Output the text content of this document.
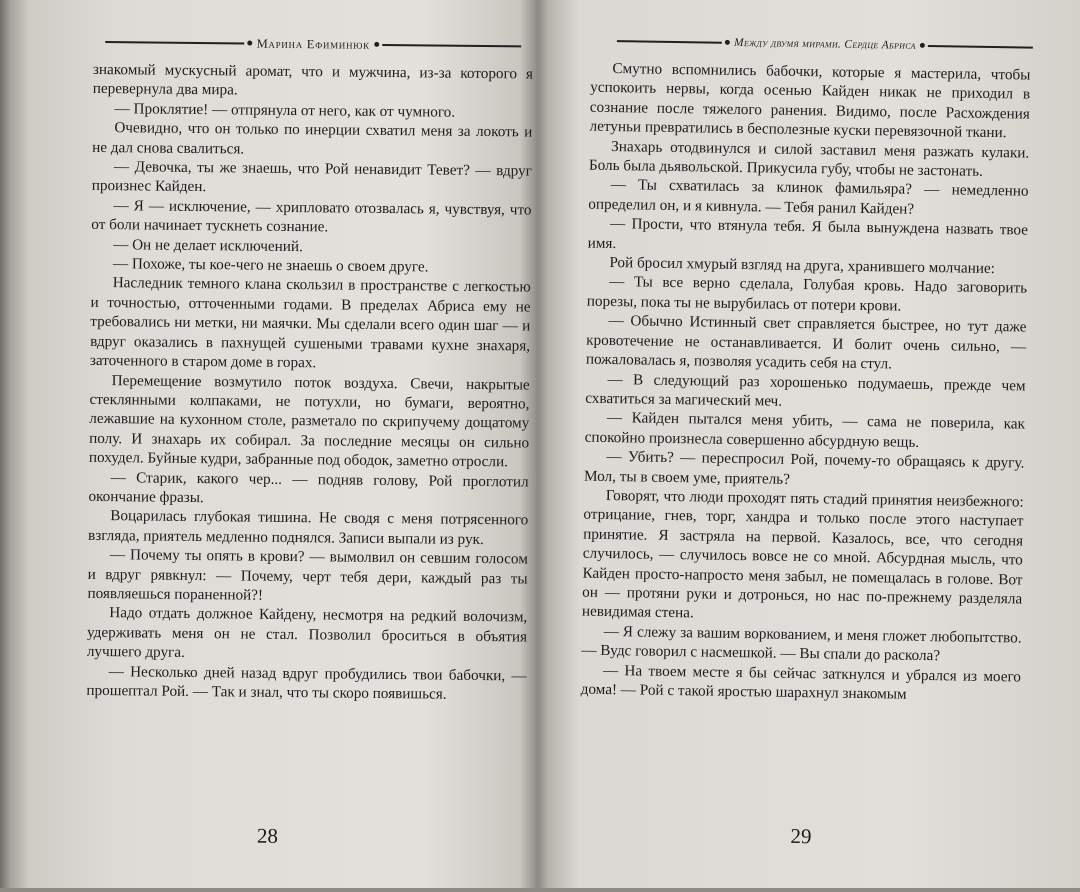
Марина Ефиминюк

знакомый мускусный аромат, что и мужчина, из-за которого я перевернула два мира.

— Проклятие! — отпрянула от него, как от чумного.

Очевидно, что он только по инерции схватил меня за локоть и не дал снова свалиться.

— Девочка, ты же знаешь, что Рой ненавидит Тевет? — вдруг произнес Кайден.

— Я — исключение, — хрипловато отозвалась я, чувствуя, что от боли начинает тускнеть сознание.

— Он не делает исключений.

— Похоже, ты кое-чего не знаешь о своем друге.

Наследник темного клана скользил в пространстве с легкостью и точностью, отточенными годами. В пределах Абриса ему не требовались ни метки, ни маячки. Мы сделали всего один шаг — и вдруг оказались в пахнущей сушеными травами кухне знахаря, заточенного в старом доме в горах.

Перемещение возмутило поток воздуха. Свечи, накрытые стеклянными колпаками, не потухли, но бумаги, вероятно, лежавшие на кухонном столе, разметало по скрипучему дощатому полу. И знахарь их собирал. За последние месяцы он сильно похудел. Буйные кудри, забранные под ободок, заметно отросли.

— Старик, какого чер... — подняв голову, Рой проглотил окончание фразы.

Воцарилась глубокая тишина. Не сводя с меня потрясенного взгляда, приятель медленно поднялся. Записи выпали из рук.

— Почему ты опять в крови? — вымолвил он севшим голосом и вдруг рявкнул: — Почему, черт тебя дери, каждый раз ты появляешься пораненной?!

Надо отдать должное Кайдену, несмотря на редкий волочизм, удерживать меня он не стал. Позволил броситься в объятия лучшего друга.

— Несколько дней назад вдруг пробудились твои бабочки, — прошептал Рой. — Так и знал, что ты скоро появишься.

28
Между двумя мирами. Сердце Абриса

Смутно вспомнились бабочки, которые я мастерила, чтобы успокоить нервы, когда осенью Кайден никак не приходил в сознание после тяжелого ранения. Видимо, после Расхождения летуньи превратились в бесполезные куски перевязочной ткани.

Знахарь отодвинулся и силой заставил меня разжать кулаки. Боль была дьявольской. Прикусила губу, чтобы не застонать.

— Ты схватилась за клинок фамильяра? — немедленно определил он, и я кивнула. — Тебя ранил Кайден?

— Прости, что втянула тебя. Я была вынуждена назвать твое имя.

Рой бросил хмурый взгляд на друга, хранившего молчание:

— Ты все верно сделала, Голубая кровь. Надо заговорить порезы, пока ты не вырубилась от потери крови.

— Обычно Истинный свет справляется быстрее, но тут даже кровотечение не останавливается. И болит очень сильно, — пожаловалась я, позволяя усадить себя на стул.

— В следующий раз хорошенько подумаешь, прежде чем схватиться за магический меч.

— Кайден пытался меня убить, — сама не поверила, как спокойно произнесла совершенно абсурдную вещь.

— Убить? — переспросил Рой, почему-то обращаясь к другу. Мол, ты в своем уме, приятель?

Говорят, что люди проходят пять стадий принятия неизбежного: отрицание, гнев, торг, хандра и только после этого наступает принятие. Я застряла на первой. Казалось, все, что сегодня случилось, — случилось вовсе не со мной. Абсурдная мысль, что Кайден просто-напросто меня забыл, не помещалась в голове. Вот он — протяни руки и дотронься, но нас по-прежнему разделяла невидимая стена.

— Я слежу за вашим воркованием, и меня гложет любопытство. — Вудс говорил с насмешкой. — Вы спали до раскола?

— На твоем месте я бы сейчас заткнулся и убрался из моего дома! — Рой с такой яростью шарахнул знакомым

29
